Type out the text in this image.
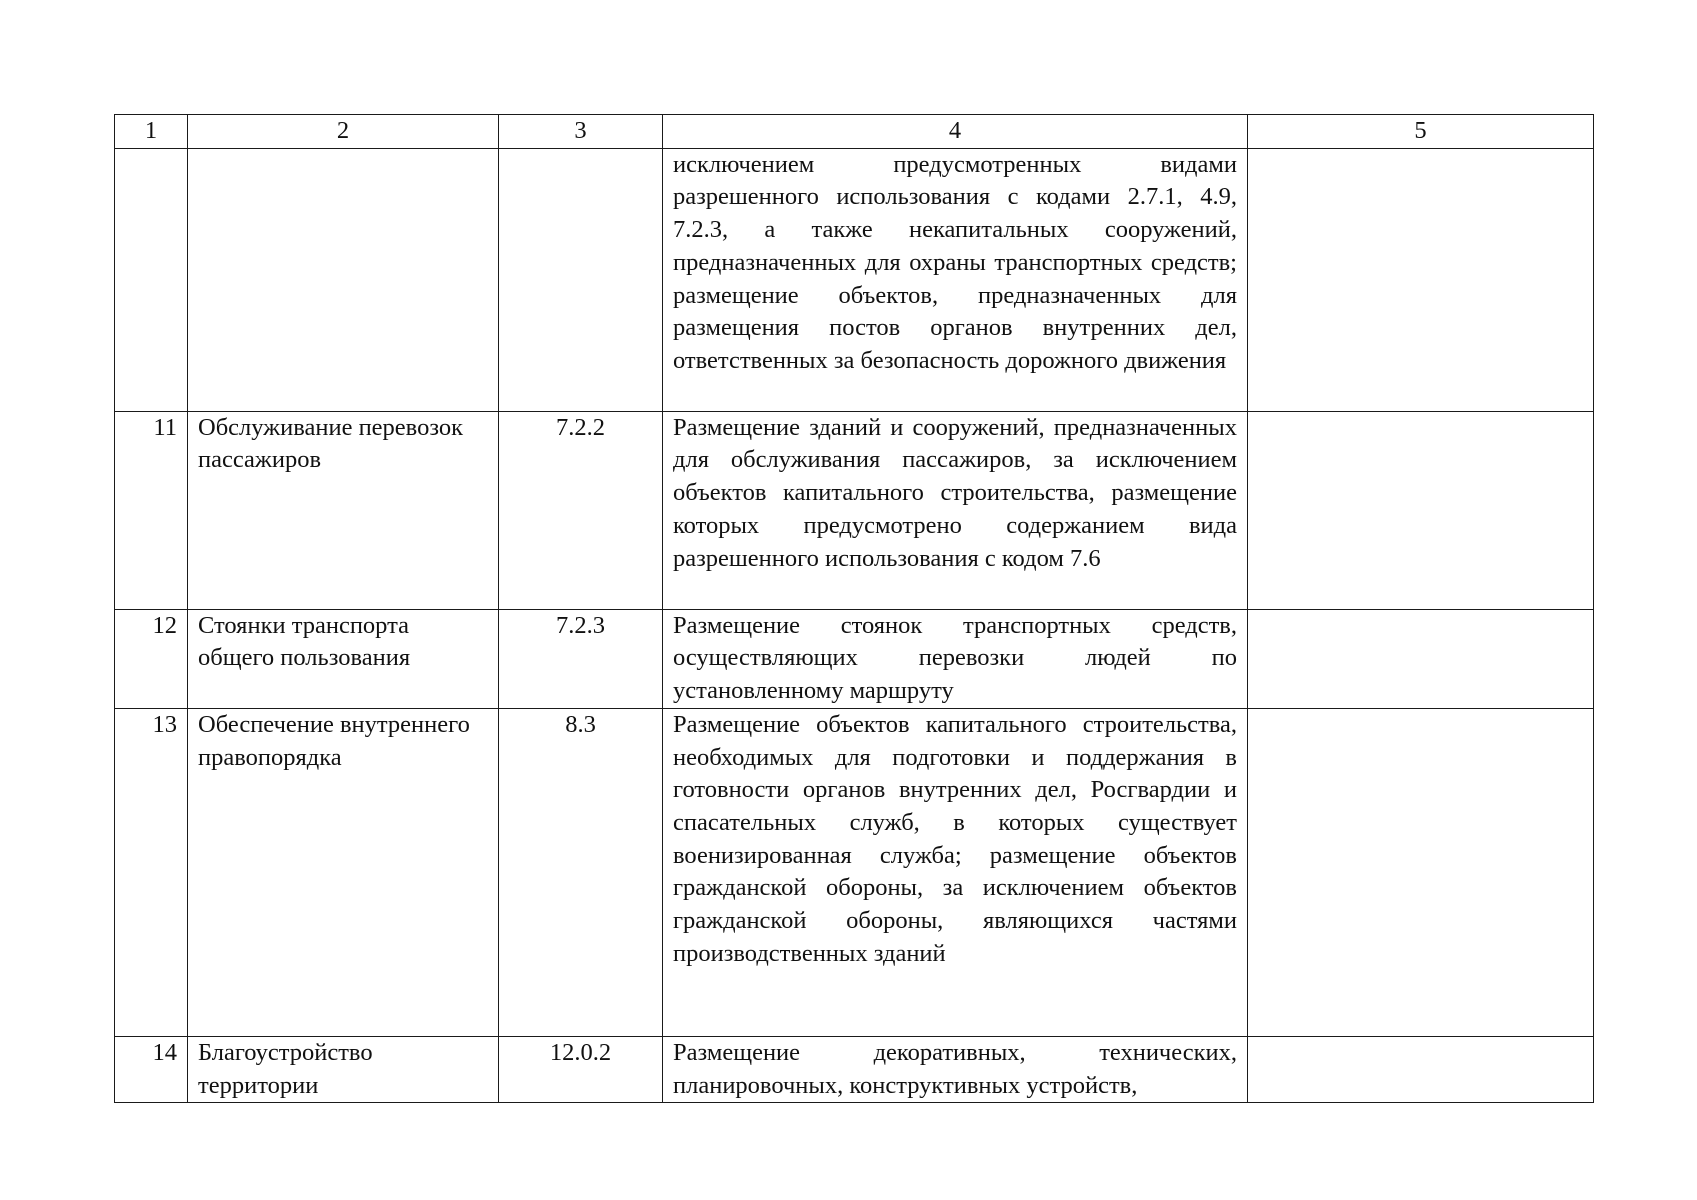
1	2	3	4	5
			исключением предусмотренных видами разрешенного использования с кодами 2.7.1, 4.9, 7.2.3, а также некапитальных сооружений, предназначенных для охраны транспортных средств; размещение объектов, предназначенных для размещения постов органов внутренних дел, ответственных за безопасность дорожного движения	
11	Обслуживание перевозок пассажиров	7.2.2	Размещение зданий и сооружений, предназначенных для обслуживания пассажиров, за исключением объектов капитального строительства, размещение которых предусмотрено содержанием вида разрешенного использования с кодом 7.6	
12	Стоянки транспорта общего пользования	7.2.3	Размещение стоянок транспортных средств, осуществляющих перевозки людей по установленному маршруту	
13	Обеспечение внутреннего правопорядка	8.3	Размещение объектов капитального строительства, необходимых для подготовки и поддержания в готовности органов внутренних дел, Росгвардии и спасательных служб, в которых существует военизированная служба; размещение объектов гражданской обороны, за исключением объектов гражданской обороны, являющихся частями производственных зданий	
14	Благоустройство территории	12.0.2	Размещение декоративных, технических, планировочных, конструктивных устройств,	
